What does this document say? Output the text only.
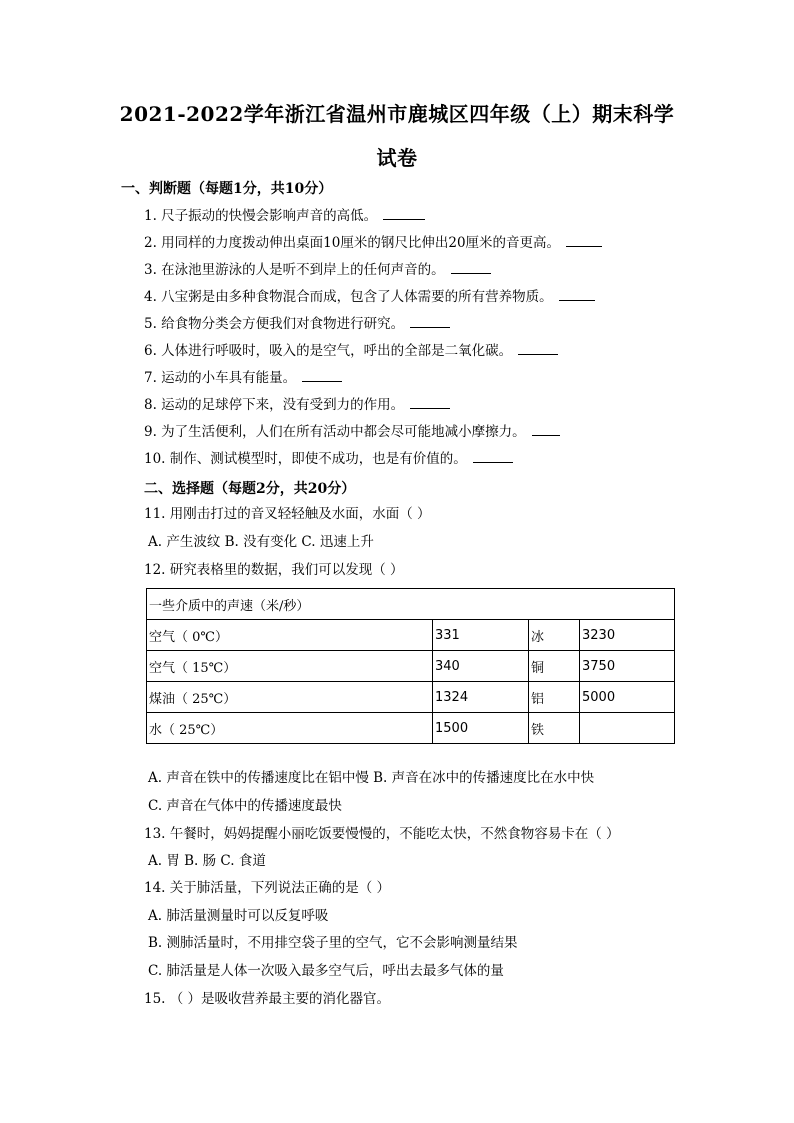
2021-2022学年浙江省温州市鹿城区四年级（上）期末科学
试卷
一、判断题（每题1分，共10分）
1. 尺子振动的快慢会影响声音的高低。
2. 用同样的力度拨动伸出桌面10厘米的钢尺比伸出20厘米的音更高。
3. 在泳池里游泳的人是听不到岸上的任何声音的。
4. 八宝粥是由多种食物混合而成，包含了人体需要的所有营养物质。
5. 给食物分类会方便我们对食物进行研究。
6. 人体进行呼吸时，吸入的是空气，呼出的全部是二氧化碳。
7. 运动的小车具有能量。
8. 运动的足球停下来，没有受到力的作用。
9. 为了生活便利，人们在所有活动中都会尽可能地减小摩擦力。
10. 制作、测试模型时，即使不成功，也是有价值的。
二、选择题（每题2分，共20分）
11. 用刚击打过的音叉轻轻触及水面，水面（ ）
A. 产生波纹 B. 没有变化 C. 迅速上升
12. 研究表格里的数据，我们可以发现（ ）
一些介质中的声速（米/秒）			
空气（ 0℃）	331	冰	3230
空气（ 15℃）	340	铜	3750
煤油（ 25℃）	1324	铝	5000
水（ 25℃）	1500	铁	
A. 声音在铁中的传播速度比在铝中慢 B. 声音在冰中的传播速度比在水中快
C. 声音在气体中的传播速度最快
13. 午餐时，妈妈提醒小丽吃饭要慢慢的，不能吃太快，不然食物容易卡在（ ）
A. 胃 B. 肠 C. 食道
14. 关于肺活量，下列说法正确的是（ ）
A. 肺活量测量时可以反复呼吸
B. 测肺活量时，不用排空袋子里的空气，它不会影响测量结果
C. 肺活量是人体一次吸入最多空气后，呼出去最多气体的量
15. （ ）是吸收营养最主要的消化器官。
